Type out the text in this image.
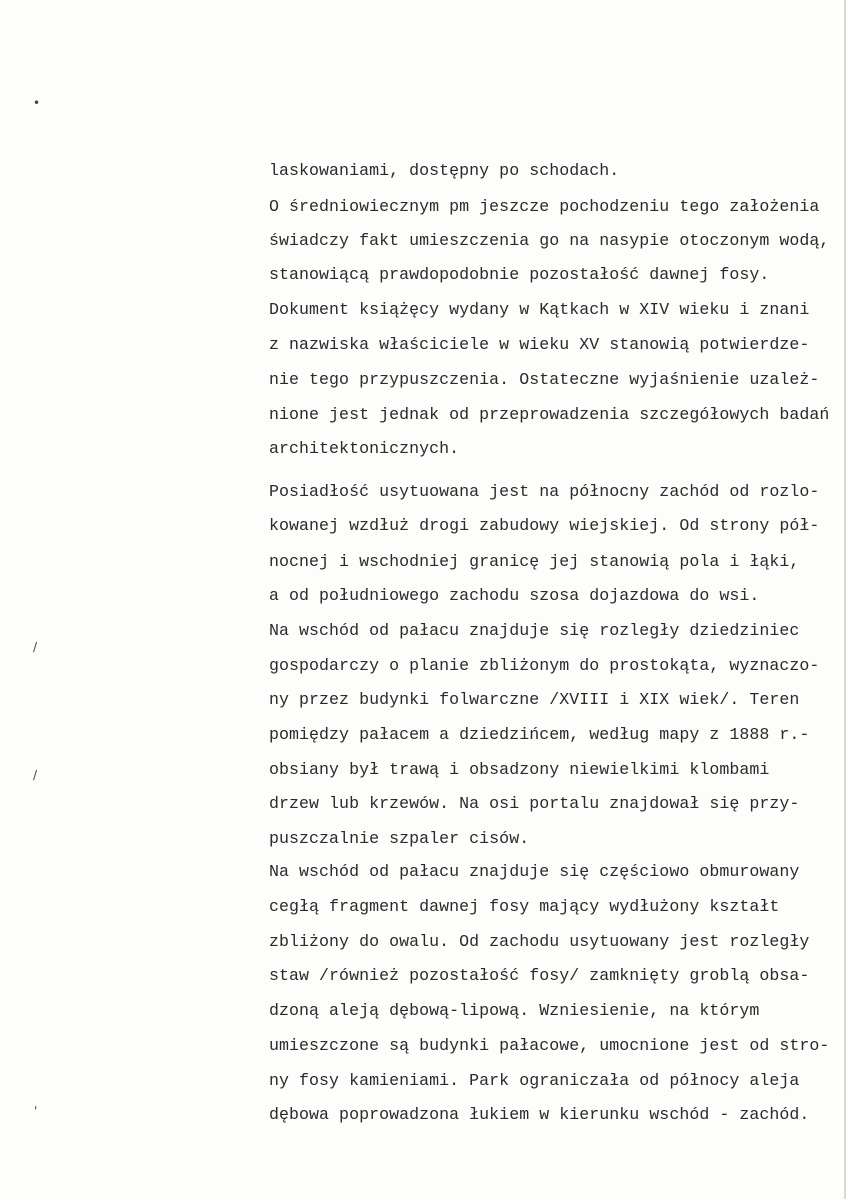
•
/
/
'
laskowaniami, dostępny po schodach.
O średniowiecznym pm jeszcze pochodzeniu tego założenia
świadczy fakt umieszczenia go na nasypie otoczonym wodą,
stanowiącą prawdopodobnie pozostałość dawnej fosy.
Dokument książęcy wydany w Kątkach w XIV wieku i znani
z nazwiska właściciele w wieku XV stanowią potwierdze-
nie tego przypuszczenia. Ostateczne wyjaśnienie uzależ-
nione jest jednak od przeprowadzenia szczegółowych badań
architektonicznych.
Posiadłość usytuowana jest na północny zachód od rozlo-
kowanej wzdłuż drogi zabudowy wiejskiej. Od strony pół-
nocnej i wschodniej granicę jej stanowią pola i łąki,
a od południowego zachodu szosa dojazdowa do wsi.
Na wschód od pałacu znajduje się rozległy dziedziniec
gospodarczy o planie zbliżonym do prostokąta, wyznaczo-
ny przez budynki folwarczne /XVIII i XIX wiek/. Teren
pomiędzy pałacem a dziedzińcem, według mapy z 1888 r.-
obsiany był trawą i obsadzony niewielkimi klombami
drzew lub krzewów. Na osi portalu znajdował się przy-
puszczalnie szpaler cisów.
Na wschód od pałacu znajduje się częściowo obmurowany
cegłą fragment dawnej fosy mający wydłużony kształt
zbliżony do owalu. Od zachodu usytuowany jest rozległy
staw /również pozostałość fosy/ zamknięty groblą obsa-
dzoną aleją dębową-lipową. Wzniesienie, na którym
umieszczone są budynki pałacowe, umocnione jest od stro-
ny fosy kamieniami. Park ograniczała od północy aleja
dębowa poprowadzona łukiem w kierunku wschód - zachód.
